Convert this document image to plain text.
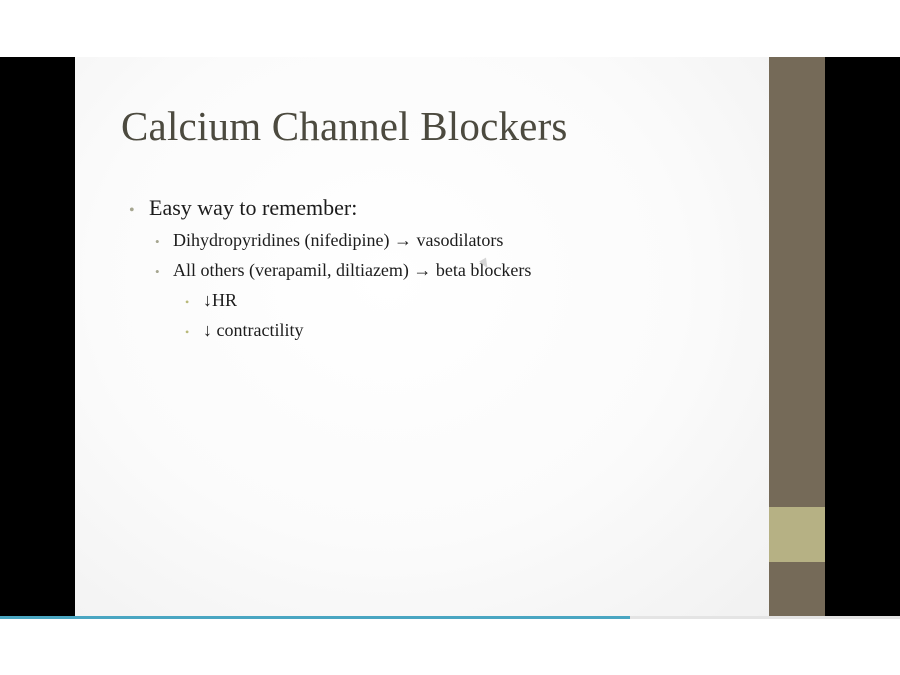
Calcium Channel Blockers
• Easy way to remember:
• Dihydropyridines (nifedipine) → vasodilators
• All others (verapamil, diltiazem) → beta blockers
• ↓HR
• ↓ contractility
